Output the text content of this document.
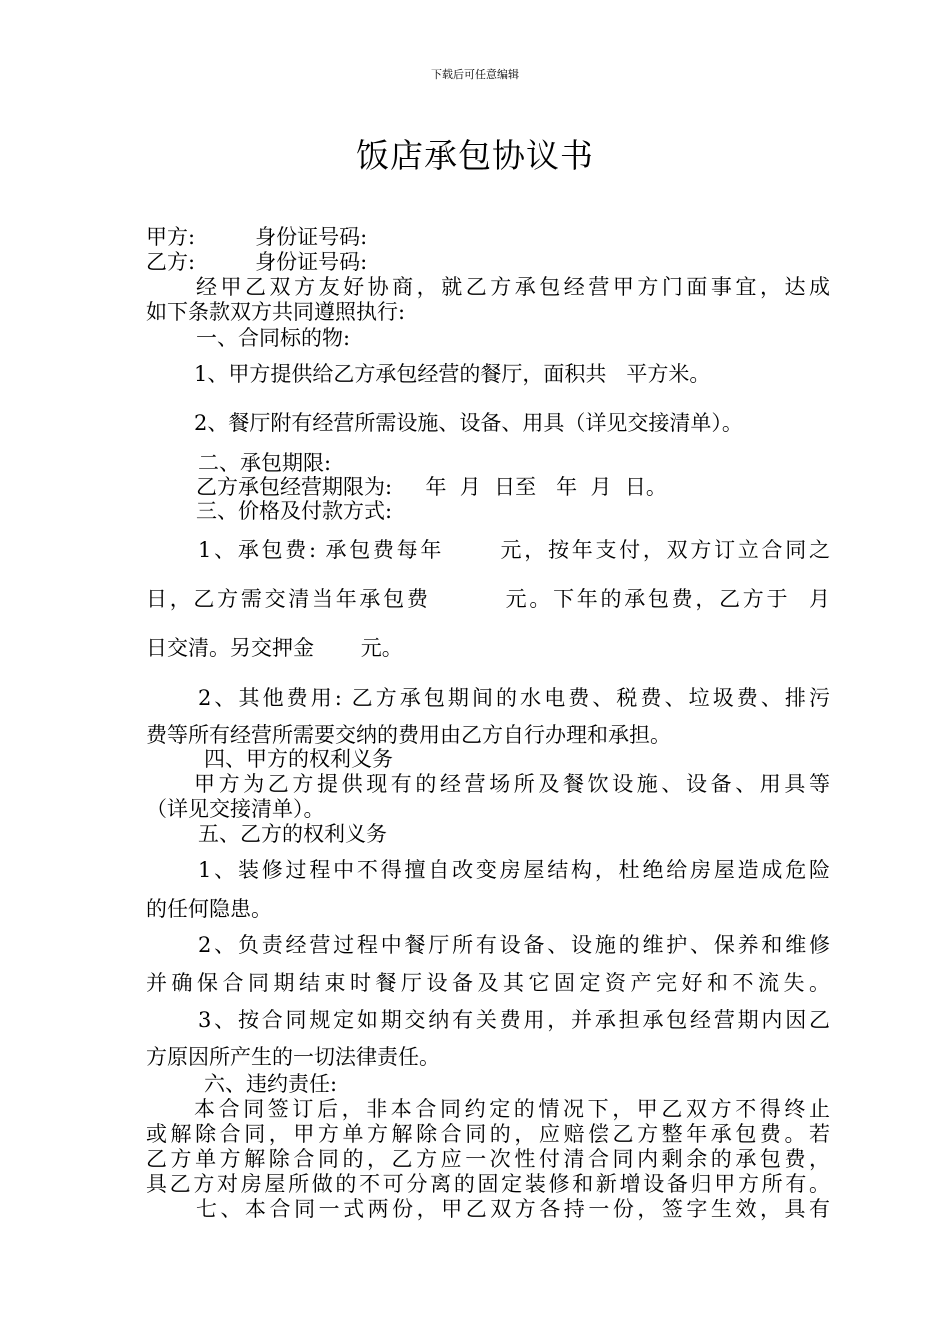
下载后可任意编辑
饭店承包协议书
甲方:         身份证号码:
乙方:         身份证号码:
经甲乙双方友好协商，就乙方承包经营甲方门面事宜，达成
如下条款双方共同遵照执行:
一、合同标的物:
1、甲方提供给乙方承包经营的餐厅，面积共   平方米。
2、餐厅附有经营所需设施、设备、用具（详见交接清单）。
二、承包期限:
乙方承包经营期限为:     年  月  日至   年  月  日。
三、价格及付款方式:
1、承包费: 承包费每年      元，按年支付，双方订立合同之
日，乙方需交清当年承包费        元。下年的承包费，乙方于  月
日交清。另交押金       元。
2、其他费用: 乙方承包期间的水电费、税费、垃圾费、排污
费等所有经营所需要交纳的费用由乙方自行办理和承担。
四、甲方的权利义务
甲方为乙方提供现有的经营场所及餐饮设施、设备、用具等
（详见交接清单）。
五、乙方的权利义务
1、装修过程中不得擅自改变房屋结构，杜绝给房屋造成危险
的任何隐患。
2、负责经营过程中餐厅所有设备、设施的维护、保养和维修
并确保合同期结束时餐厅设备及其它固定资产完好和不流失。
3、按合同规定如期交纳有关费用，并承担承包经营期内因乙
方原因所产生的一切法律责任。
六、违约责任:
本合同签订后，非本合同约定的情况下，甲乙双方不得终止
或解除合同，甲方单方解除合同的，应赔偿乙方整年承包费。若
乙方单方解除合同的，乙方应一次性付清合同内剩余的承包费，
具乙方对房屋所做的不可分离的固定装修和新增设备归甲方所有。
七、本合同一式两份，甲乙双方各持一份，签字生效，具有
